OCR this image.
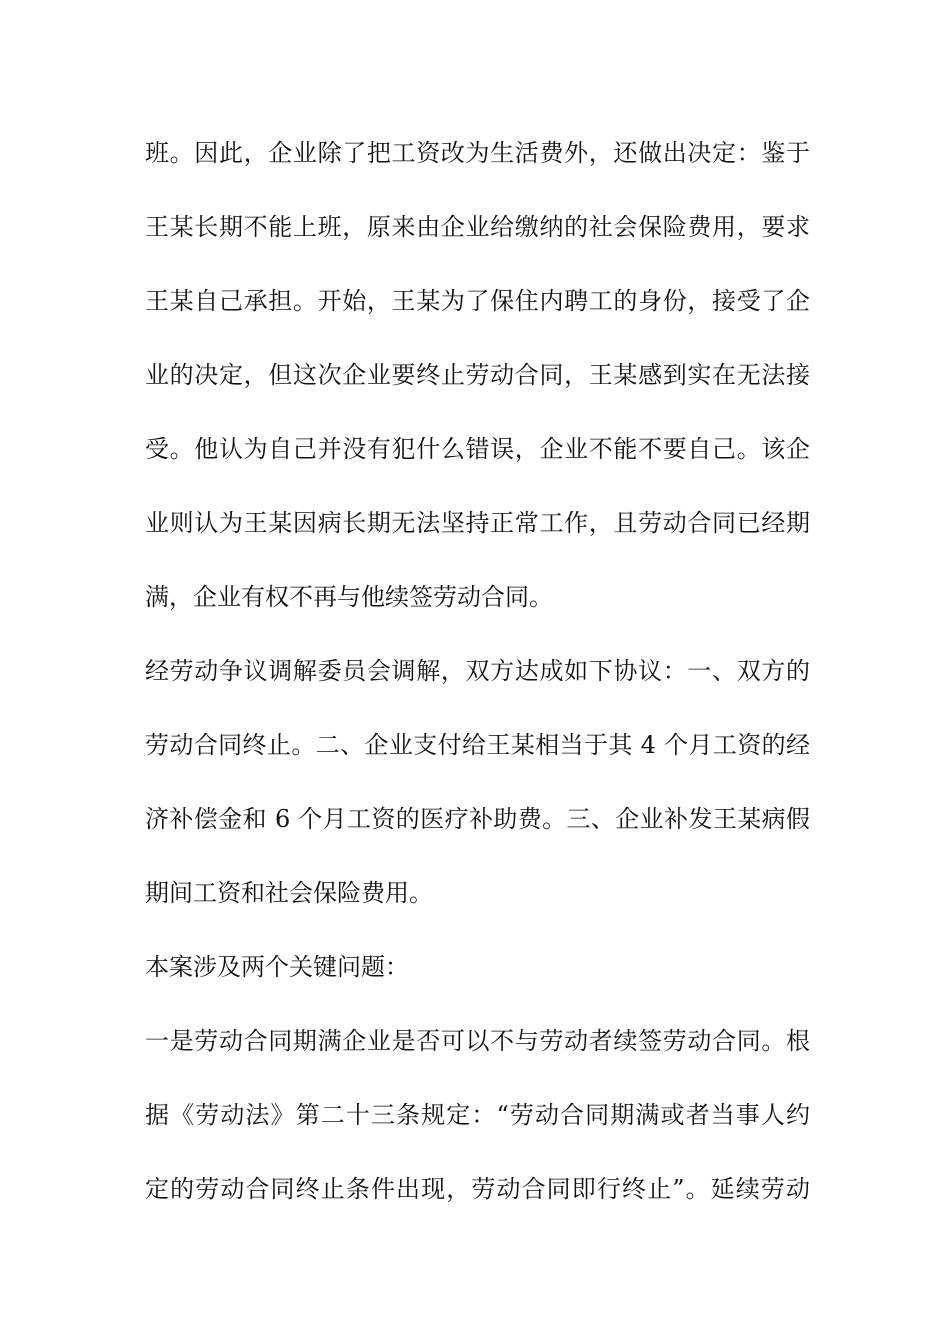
班。因此，企业除了把工资改为生活费外，还做出决定：鉴于
王某长期不能上班，原来由企业给缴纳的社会保险费用，要求
王某自己承担。开始，王某为了保住内聘工的身份，接受了企
业的决定，但这次企业要终止劳动合同，王某感到实在无法接
受。他认为自己并没有犯什么错误，企业不能不要自己。该企
业则认为王某因病长期无法坚持正常工作，且劳动合同已经期
满，企业有权不再与他续签劳动合同。
经劳动争议调解委员会调解，双方达成如下协议：一、双方的
劳动合同终止。二、企业支付给王某相当于其 4 个月工资的经
济补偿金和 6 个月工资的医疗补助费。三、企业补发王某病假
期间工资和社会保险费用。
本案涉及两个关键问题：
一是劳动合同期满企业是否可以不与劳动者续签劳动合同。根
据《劳动法》第二十三条规定：“劳动合同期满或者当事人约
定的劳动合同终止条件出现，劳动合同即行终止”。延续劳动
